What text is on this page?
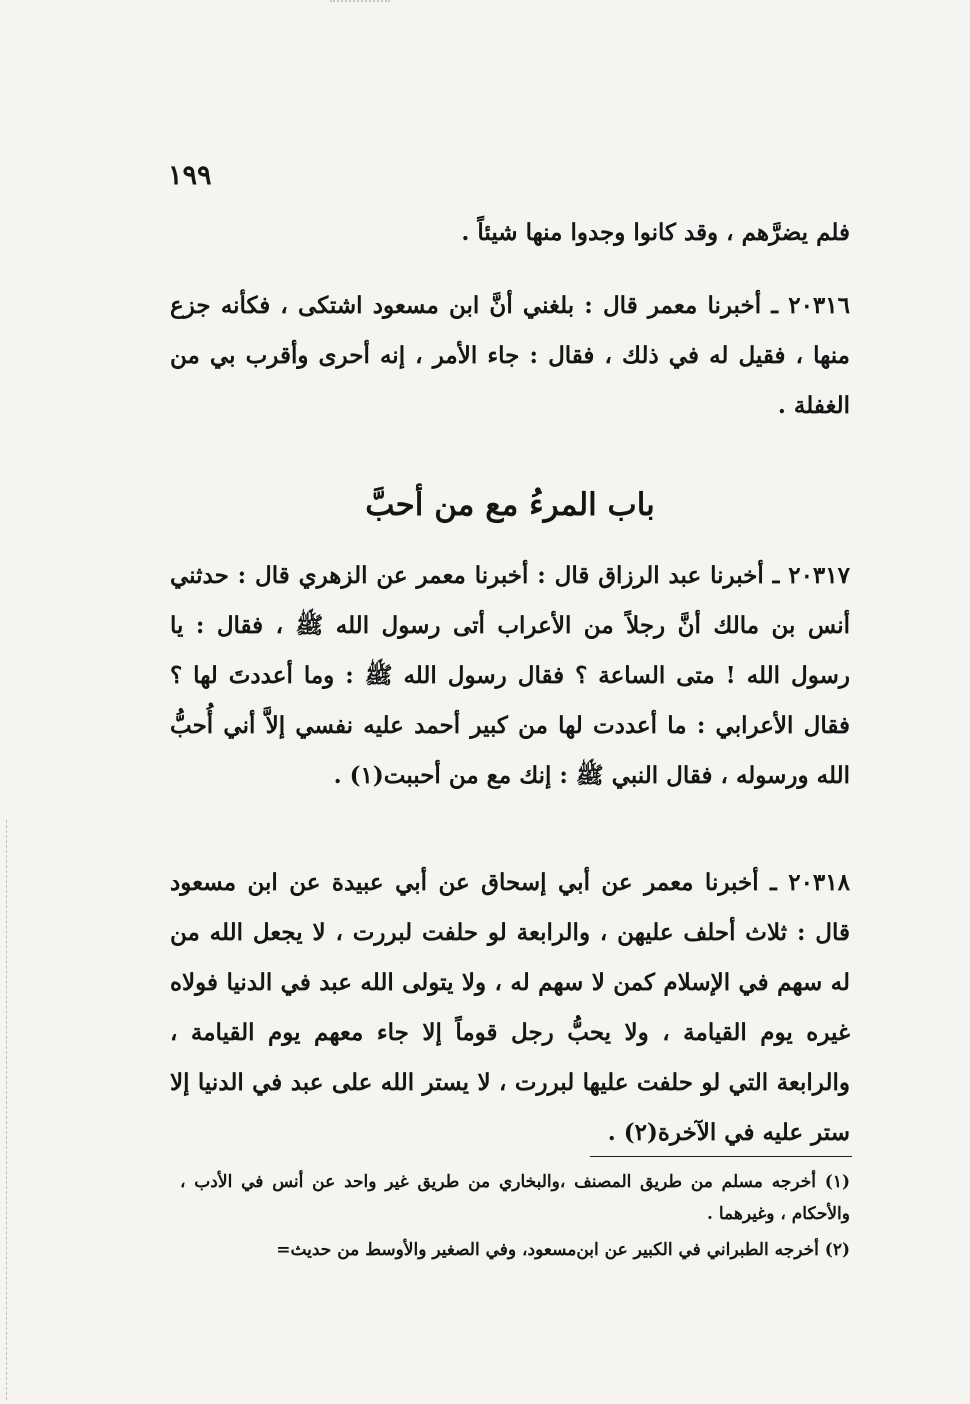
١٩٩

فلم يضرَّهم ، وقد كانوا وجدوا منها شيئاً .

٢٠٣١٦ ـ أخبرنا معمر قال : بلغني أنَّ ابن مسعود اشتكى ، فكأنه جزع منها ، فقيل له في ذلك ، فقال : جاء الأمر ، إنه أحرى وأقرب بي من الغفلة .

باب المرءُ مع من أحبَّ

٢٠٣١٧ ـ أخبرنا عبد الرزاق قال : أخبرنا معمر عن الزهري قال : حدثني أنس بن مالك أنَّ رجلاً من الأعراب أتى رسول الله ﷺ ، فقال : يا رسول الله ! متى الساعة ؟ فقال رسول الله ﷺ : وما أعددتَ لها ؟ فقال الأعرابي : ما أعددت لها من كبير أحمد عليه نفسي إلاَّ أني أُحبُّ الله ورسوله ، فقال النبي ﷺ : إنك مع من أحببت(١) .

٢٠٣١٨ ـ أخبرنا معمر عن أبي إسحاق عن أبي عبيدة عن ابن مسعود قال : ثلاث أحلف عليهن ، والرابعة لو حلفت لبررت ، لا يجعل الله من له سهم في الإسلام كمن لا سهم له ، ولا يتولى الله عبد في الدنيا فولاه غيره يوم القيامة ، ولا يحبُّ رجل قوماً إلا جاء معهم يوم القيامة ، والرابعة التي لو حلفت عليها لبررت ، لا يستر الله على عبد في الدنيا إلا ستر عليه في الآخرة(٢) .

(١) أخرجه مسلم من طريق المصنف ،والبخاري من طريق غير واحد عن أنس في الأدب ، والأحكام ، وغيرهما .

(٢) أخرجه الطبراني في الكبير عن ابن‌مسعود، وفي الصغير والأوسط من حديث=
